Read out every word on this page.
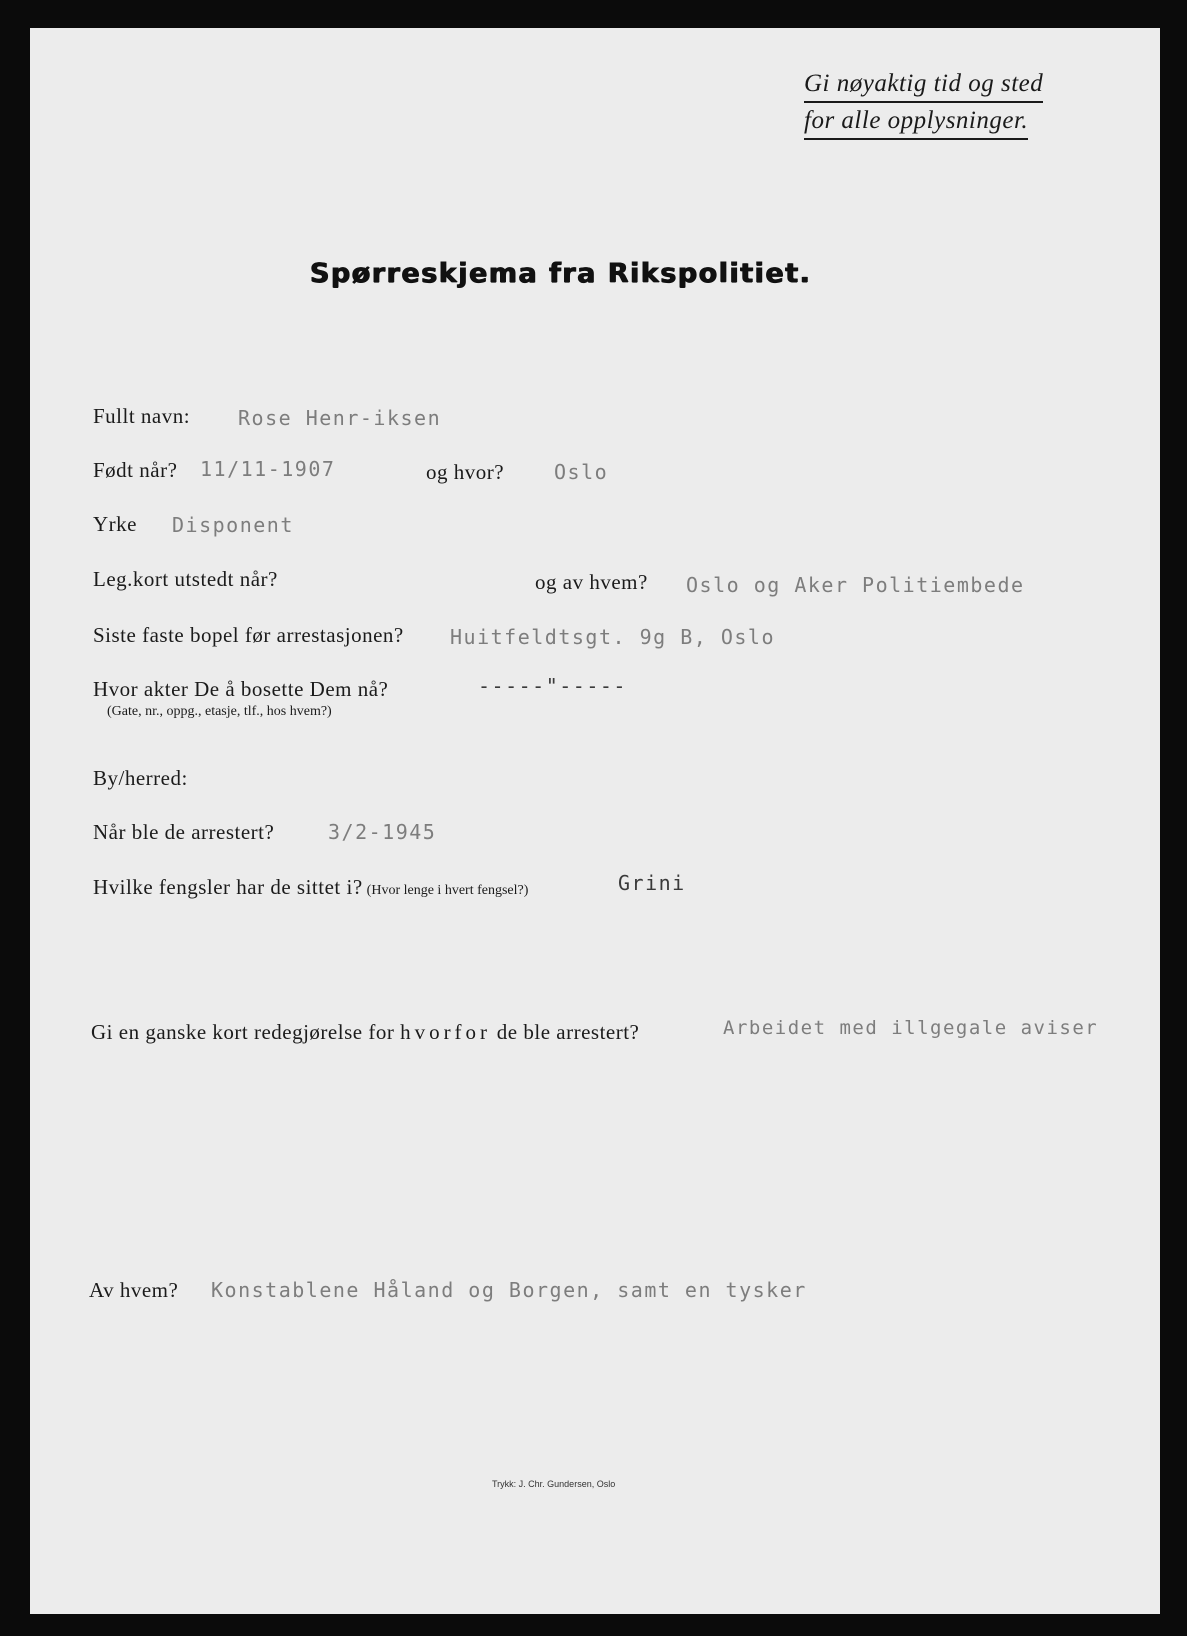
Gi nøyaktig tid og sted
for alle opplysninger.
Spørreskjema fra Rikspolitiet.
Fullt navn: Rose Henr-iksen
Født når? 11/11-1907	og hvor? Oslo
Yrke Disponent
Leg.kort utstedt når?	og av hvem? Oslo og Aker Politiembede
Siste faste bopel før arrestasjonen? Huitfeldtsgt. 9g B, Oslo
Hvor akter De å bosette Dem nå?	-----"-----
(Gate, nr., oppg., etasje, tlf., hos hvem?)
By/herred:
Når ble de arrestert?	3/2-1945
Hvilke fengsler har de sittet i? (Hvor lenge i hvert fengsel?)	Grini
Gi en ganske kort redegjørelse for hvorfor de ble arrestert?	Arbeidet med illgegale aviser
Av hvem? Konstablene Håland og Borgen, samt en tysker
Trykk: J. Chr. Gundersen, Oslo
